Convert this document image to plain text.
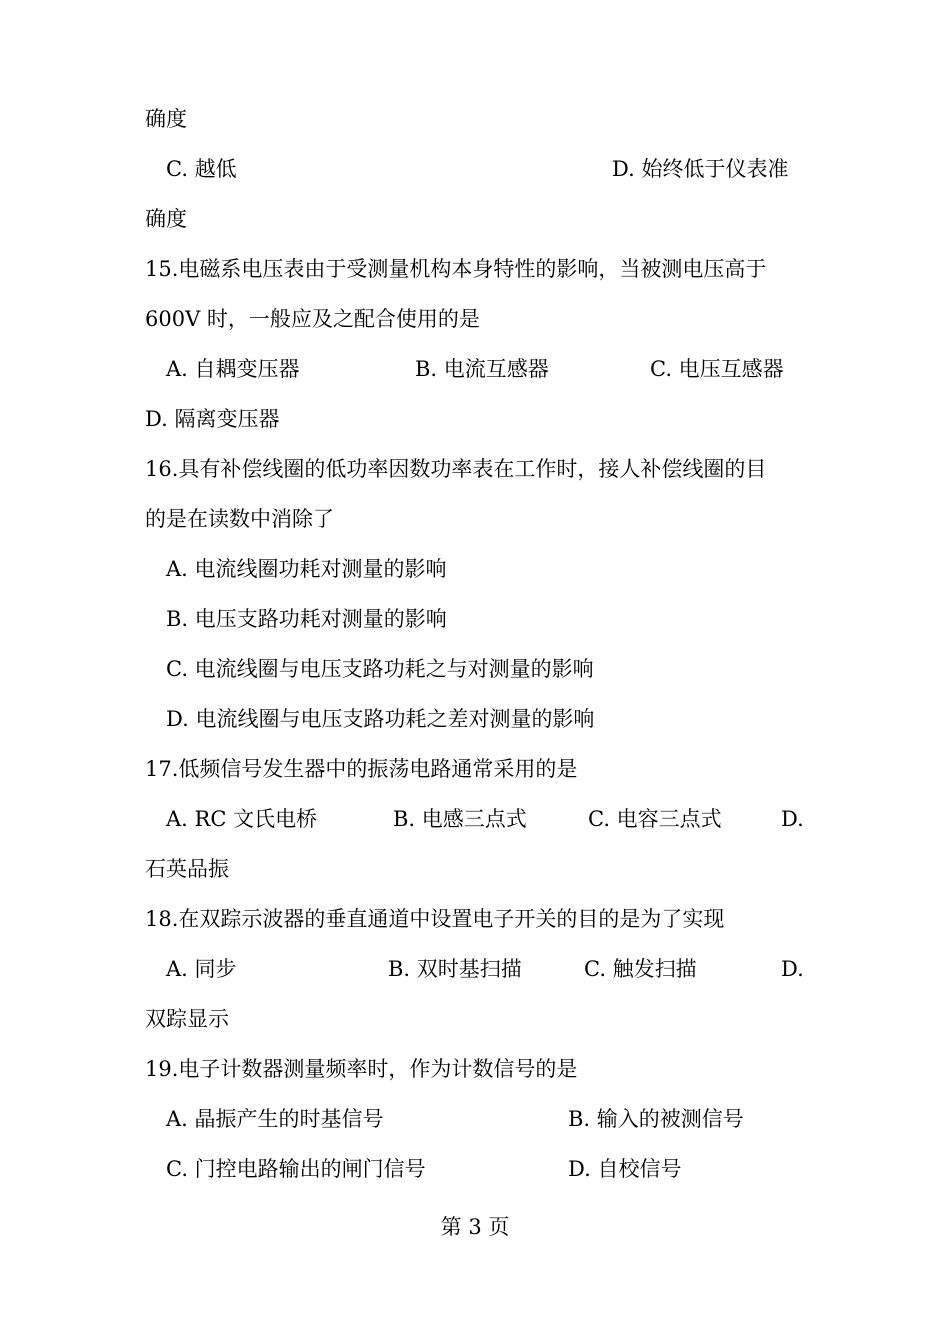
确度
C. 越低	D. 始终低于仪表准
确度
15.电磁系电压表由于受测量机构本身特性的影响，当被测电压高于
600V 时，一般应及之配合使用的是
A. 自耦变压器	B. 电流互感器	C. 电压互感器
D. 隔离变压器
16.具有补偿线圈的低功率因数功率表在工作时，接人补偿线圈的目
的是在读数中消除了
A. 电流线圈功耗对测量的影响
B. 电压支路功耗对测量的影响
C. 电流线圈与电压支路功耗之与对测量的影响
D. 电流线圈与电压支路功耗之差对测量的影响
17.低频信号发生器中的振荡电路通常采用的是
A. RC 文氏电桥	B. 电感三点式	C. 电容三点式	D.
石英品振
18.在双踪示波器的垂直通道中设置电子开关的目的是为了实现
A. 同步	B. 双时基扫描	C. 触发扫描	D.
双踪显示
19.电子计数器测量频率时，作为计数信号的是
A. 晶振产生的时基信号	B. 输入的被测信号
C. 门控电路输出的闸门信号	D. 自校信号
第 3 页
